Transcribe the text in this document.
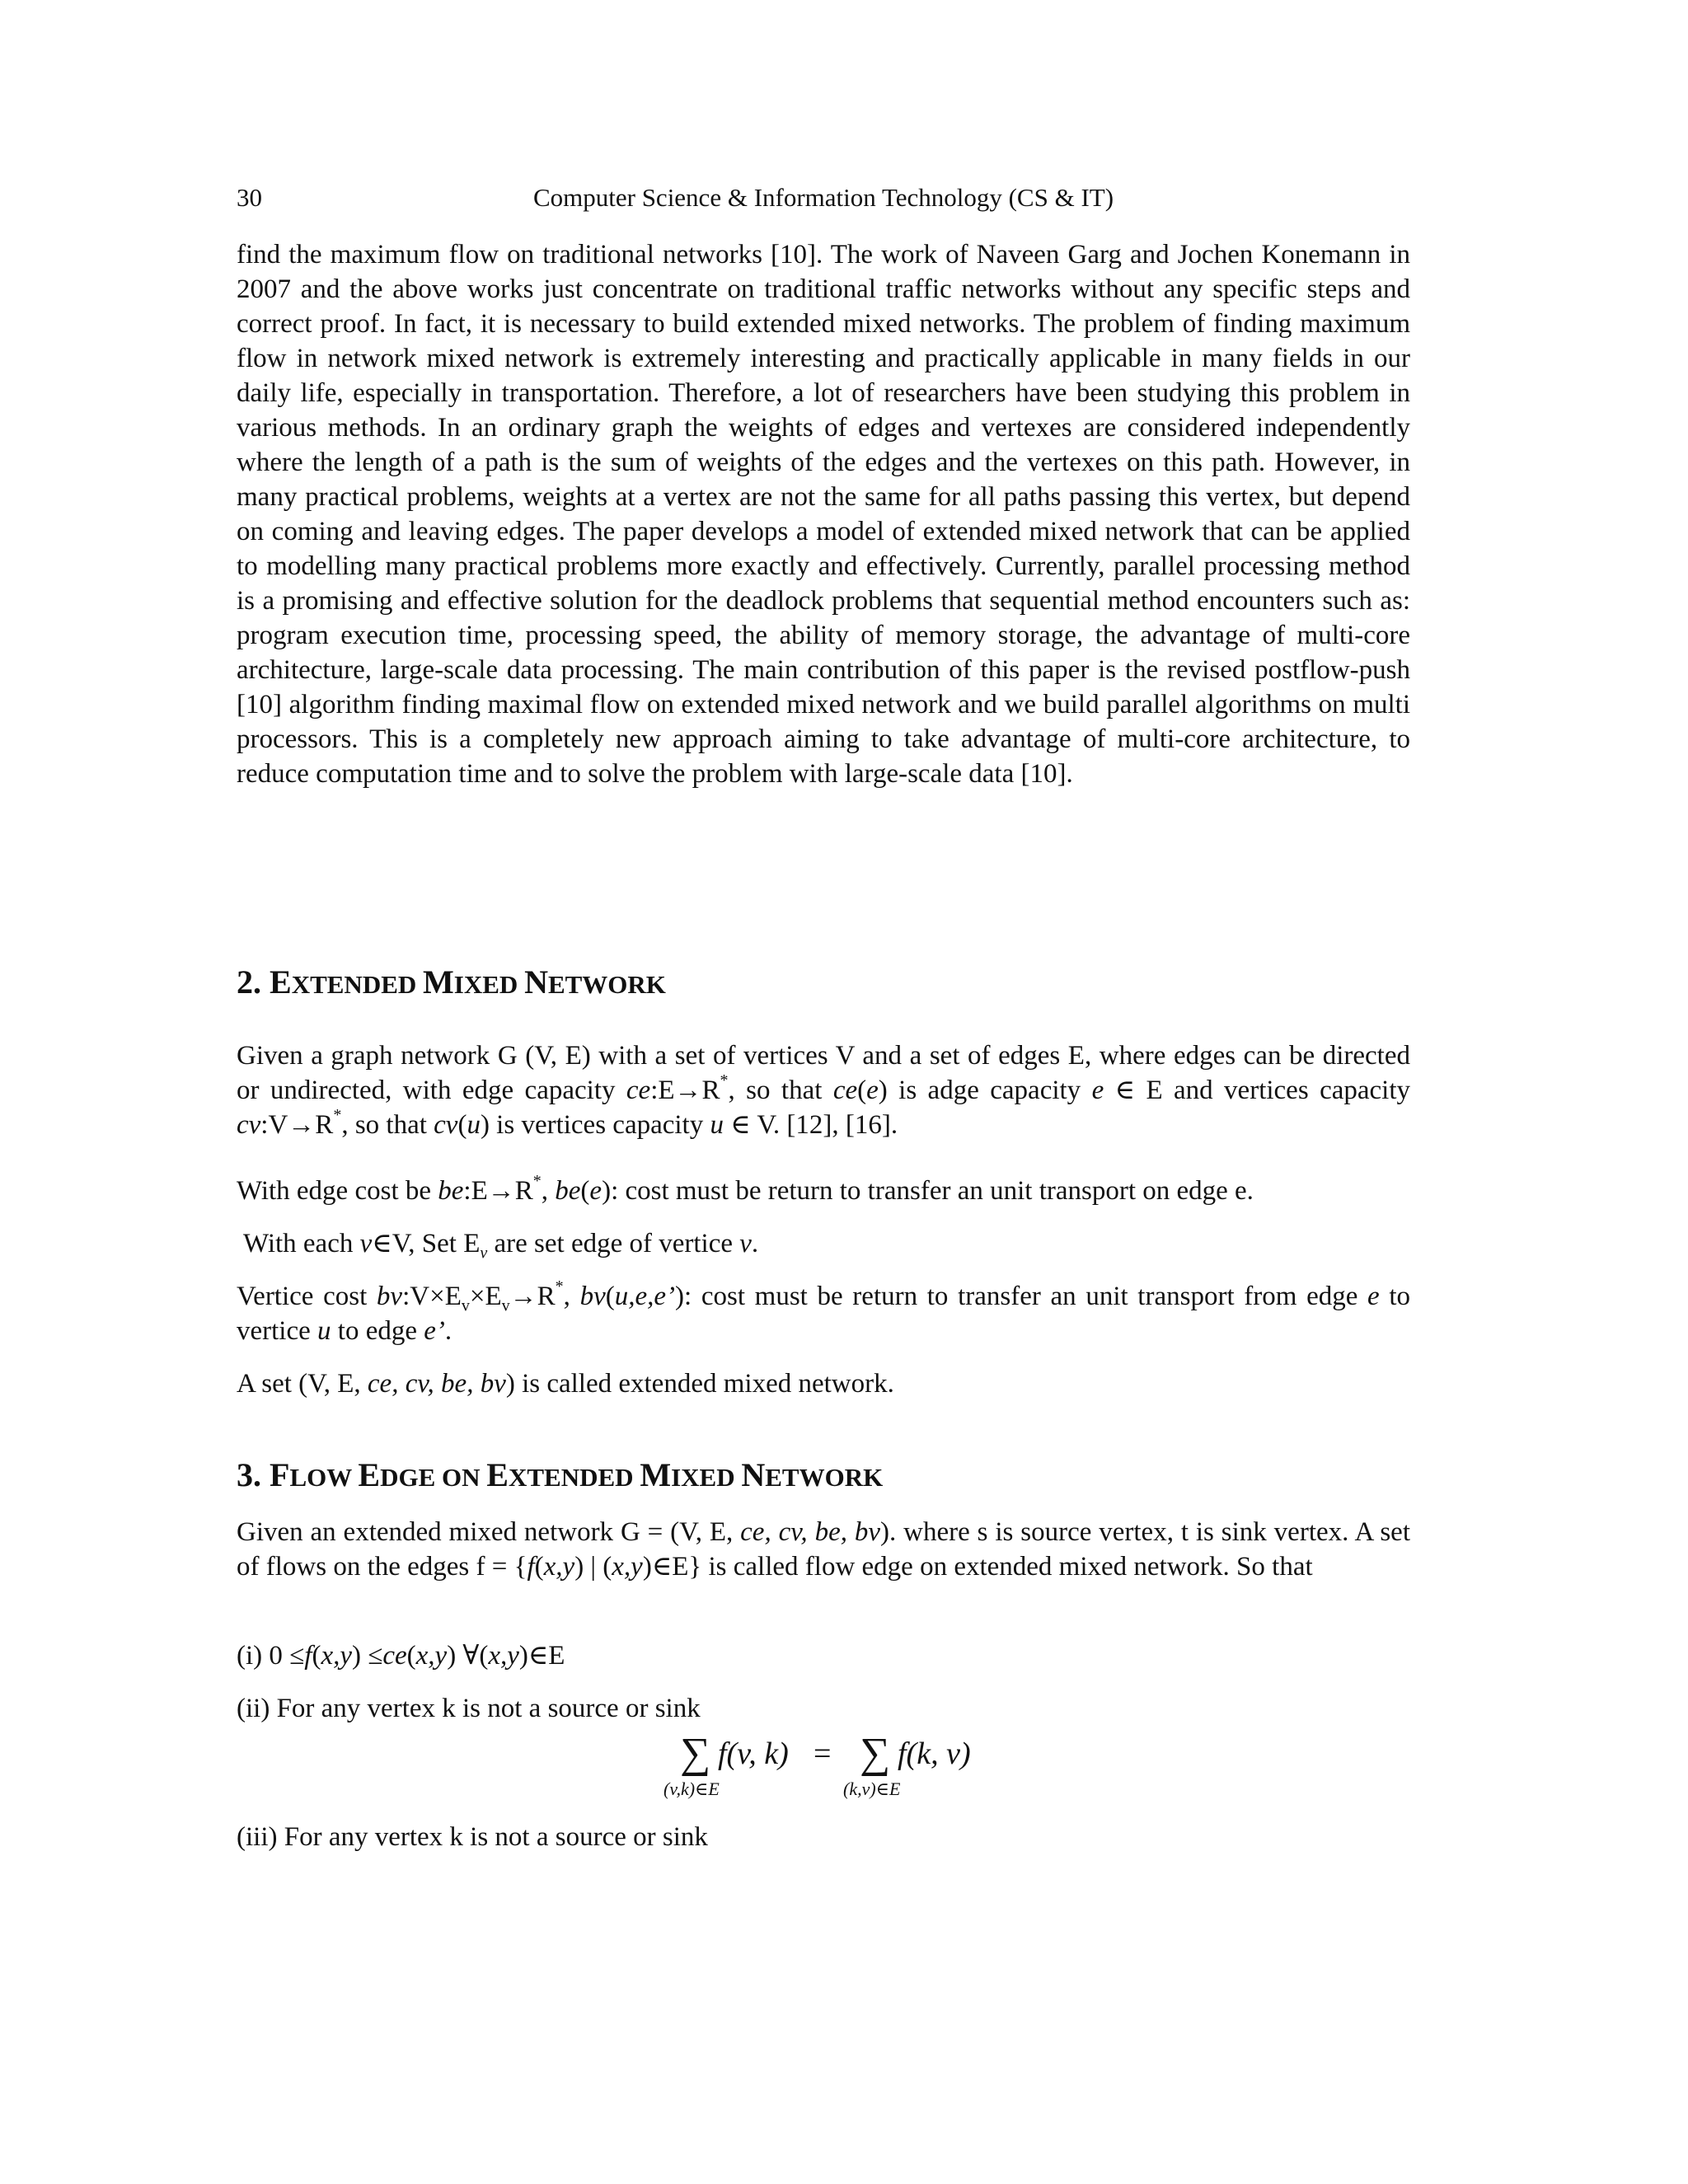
30	Computer Science & Information Technology (CS & IT)

find the maximum flow on traditional networks [10]. The work of Naveen Garg and Jochen Konemann in 2007 and the above works just concentrate on traditional traffic networks without any specific steps and correct proof. In fact, it is necessary to build extended mixed networks. The problem of finding maximum flow in network mixed network is extremely interesting and practically applicable in many fields in our daily life, especially in transportation. Therefore, a lot of researchers have been studying this problem in various methods. In an ordinary graph the weights of edges and vertexes are considered independently where the length of a path is the sum of weights of the edges and the vertexes on this path. However, in many practical problems, weights at a vertex are not the same for all paths passing this vertex, but depend on coming and leaving edges. The paper develops a model of extended mixed network that can be applied to modelling many practical problems more exactly and effectively. Currently, parallel processing method is a promising and effective solution for the deadlock problems that sequential method encounters such as: program execution time, processing speed, the ability of memory storage, the advantage of multi-core architecture, large-scale data processing. The main contribution of this paper is the revised postflow-push [10] algorithm finding maximal flow on extended mixed network and we build parallel algorithms on multi processors. This is a completely new approach aiming to take advantage of multi-core architecture, to reduce computation time and to solve the problem with large-scale data [10].

2. EXTENDED MIXED NETWORK

Given a graph network G (V, E) with a set of vertices V and a set of edges E, where edges can be directed or undirected, with edge capacity ce:E→R*, so that ce(e) is adge capacity e ∈ E and vertices capacity cv:V→R*, so that cv(u) is vertices capacity u ∈ V. [12], [16].

With edge cost be be:E→R*, be(e): cost must be return to transfer an unit transport on edge e.

With each v∈V, Set $E_v$ are set edge of vertice v.

Vertice cost $bv:V\times E_v\times E_v\to R^*$, bv(u,e,e’): cost must be return to transfer an unit transport from edge e to vertice u to edge e’.

A set (V, E, ce, cv, be, bv) is called extended mixed network.

3. FLOW EDGE ON EXTENDED MIXED NETWORK

Given an extended mixed network G = (V, E, ce, cv, be, bv). where s is source vertex, t is sink vertex. A set of flows on the edges f = {f(x,y) | (x,y)∈E} is called flow edge on extended mixed network. So that

(i) 0 ≤f(x,y) ≤ce(x,y) ∀(x,y)∈E

(ii) For any vertex k is not a source or sink

∑ f(v, k)
(v,k)∈E
= ∑ f(k, v)
(k,v)∈E

(iii) For any vertex k is not a source or sink
